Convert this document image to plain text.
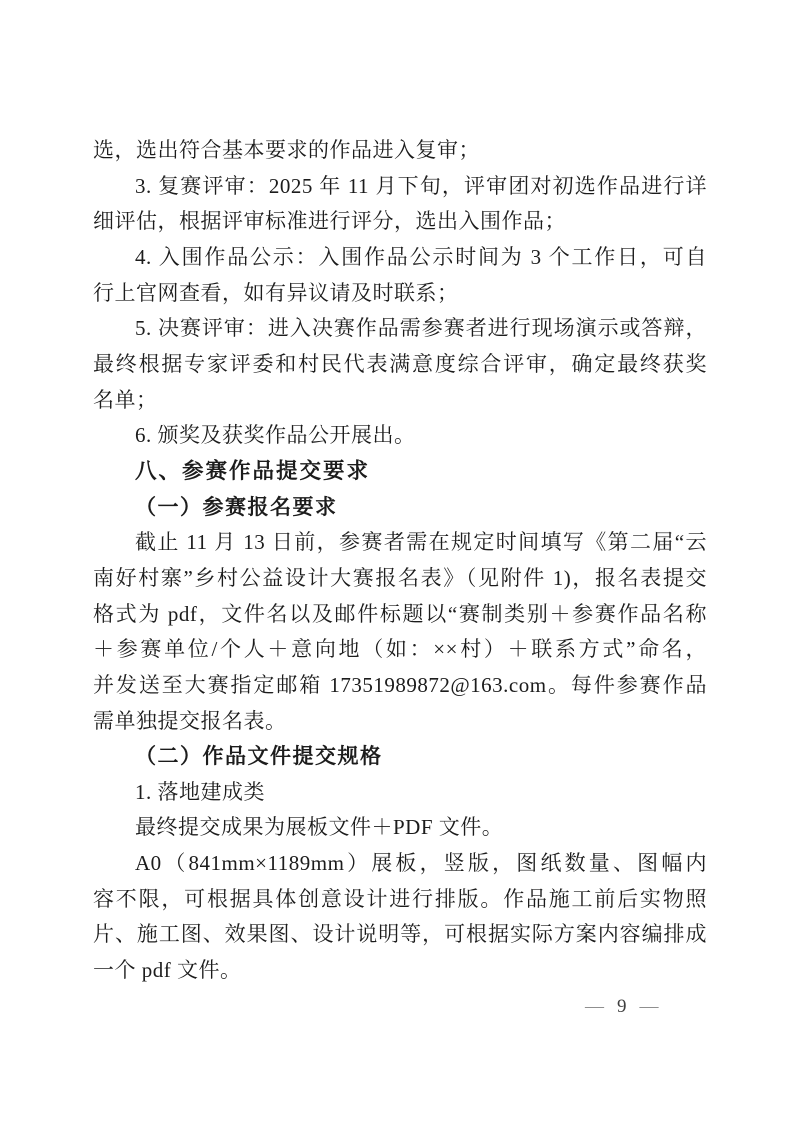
选，选出符合基本要求的作品进入复审；
3. 复赛评审：2025 年 11 月下旬，评审团对初选作品进行详
细评估，根据评审标准进行评分，选出入围作品；
4. 入围作品公示：入围作品公示时间为 3 个工作日，可自
行上官网查看，如有异议请及时联系；
5. 决赛评审：进入决赛作品需参赛者进行现场演示或答辩，
最终根据专家评委和村民代表满意度综合评审，确定最终获奖
名单；
6. 颁奖及获奖作品公开展出。
八、参赛作品提交要求
（一）参赛报名要求
截止 11 月 13 日前，参赛者需在规定时间填写《第二届“云
南好村寨”乡村公益设计大赛报名表》（见附件 1)，报名表提交
格式为 pdf，文件名以及邮件标题以“赛制类别＋参赛作品名称
＋参赛单位/个人＋意向地（如：××村）＋联系方式”命名，
并发送至大赛指定邮箱 17351989872@163.com。每件参赛作品
需单独提交报名表。
（二）作品文件提交规格
1. 落地建成类
最终提交成果为展板文件＋PDF 文件。
A0（841mm×1189mm）展板，竖版，图纸数量、图幅内
容不限，可根据具体创意设计进行排版。作品施工前后实物照
片、施工图、效果图、设计说明等，可根据实际方案内容编排成
一个 pdf 文件。
— 9 —
